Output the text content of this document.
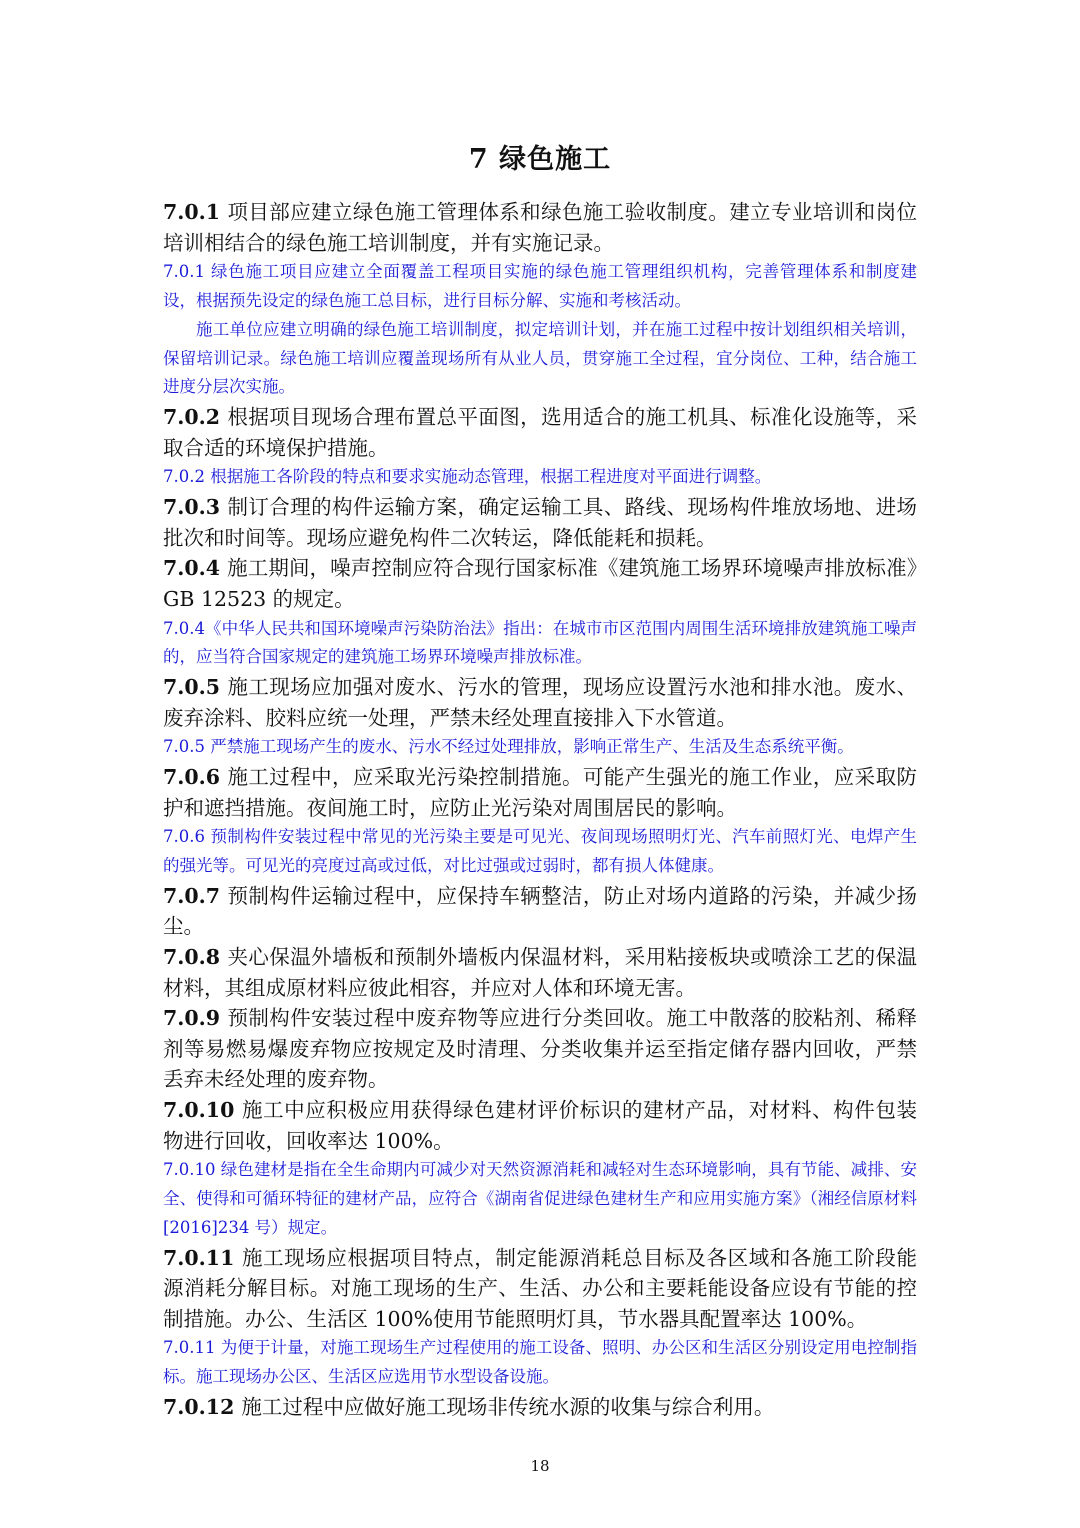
7 绿色施工

7.0.1 项目部应建立绿色施工管理体系和绿色施工验收制度。建立专业培训和岗位培训相结合的绿色施工培训制度，并有实施记录。

7.0.1 绿色施工项目应建立全面覆盖工程项目实施的绿色施工管理组织机构，完善管理体系和制度建设，根据预先设定的绿色施工总目标，进行目标分解、实施和考核活动。

施工单位应建立明确的绿色施工培训制度，拟定培训计划，并在施工过程中按计划组织相关培训，保留培训记录。绿色施工培训应覆盖现场所有从业人员，贯穿施工全过程，宜分岗位、工种，结合施工进度分层次实施。

7.0.2 根据项目现场合理布置总平面图，选用适合的施工机具、标准化设施等，采取合适的环境保护措施。

7.0.2 根据施工各阶段的特点和要求实施动态管理，根据工程进度对平面进行调整。

7.0.3 制订合理的构件运输方案，确定运输工具、路线、现场构件堆放场地、进场批次和时间等。现场应避免构件二次转运，降低能耗和损耗。

7.0.4 施工期间，噪声控制应符合现行国家标准《建筑施工场界环境噪声排放标准》GB 12523 的规定。

7.0.4《中华人民共和国环境噪声污染防治法》指出：在城市市区范围内周围生活环境排放建筑施工噪声的，应当符合国家规定的建筑施工场界环境噪声排放标准。

7.0.5 施工现场应加强对废水、污水的管理，现场应设置污水池和排水池。废水、废弃涂料、胶料应统一处理，严禁未经处理直接排入下水管道。

7.0.5 严禁施工现场产生的废水、污水不经过处理排放，影响正常生产、生活及生态系统平衡。

7.0.6 施工过程中，应采取光污染控制措施。可能产生强光的施工作业，应采取防护和遮挡措施。夜间施工时，应防止光污染对周围居民的影响。

7.0.6 预制构件安装过程中常见的光污染主要是可见光、夜间现场照明灯光、汽车前照灯光、电焊产生的强光等。可见光的亮度过高或过低，对比过强或过弱时，都有损人体健康。

7.0.7 预制构件运输过程中，应保持车辆整洁，防止对场内道路的污染，并减少扬尘。

7.0.8 夹心保温外墙板和预制外墙板内保温材料，采用粘接板块或喷涂工艺的保温材料，其组成原材料应彼此相容，并应对人体和环境无害。

7.0.9 预制构件安装过程中废弃物等应进行分类回收。施工中散落的胶粘剂、稀释剂等易燃易爆废弃物应按规定及时清理、分类收集并运至指定储存器内回收，严禁丢弃未经处理的废弃物。

7.0.10 施工中应积极应用获得绿色建材评价标识的建材产品，对材料、构件包装物进行回收，回收率达 100%。

7.0.10 绿色建材是指在全生命期内可减少对天然资源消耗和减轻对生态环境影响，具有节能、减排、安全、使得和可循环特征的建材产品，应符合《湖南省促进绿色建材生产和应用实施方案》（湘经信原材料[2016]234 号）规定。

7.0.11 施工现场应根据项目特点，制定能源消耗总目标及各区域和各施工阶段能源消耗分解目标。对施工现场的生产、生活、办公和主要耗能设备应设有节能的控制措施。办公、生活区 100%使用节能照明灯具，节水器具配置率达 100%。

7.0.11 为便于计量，对施工现场生产过程使用的施工设备、照明、办公区和生活区分别设定用电控制指标。施工现场办公区、生活区应选用节水型设备设施。

7.0.12 施工过程中应做好施工现场非传统水源的收集与综合利用。

18
